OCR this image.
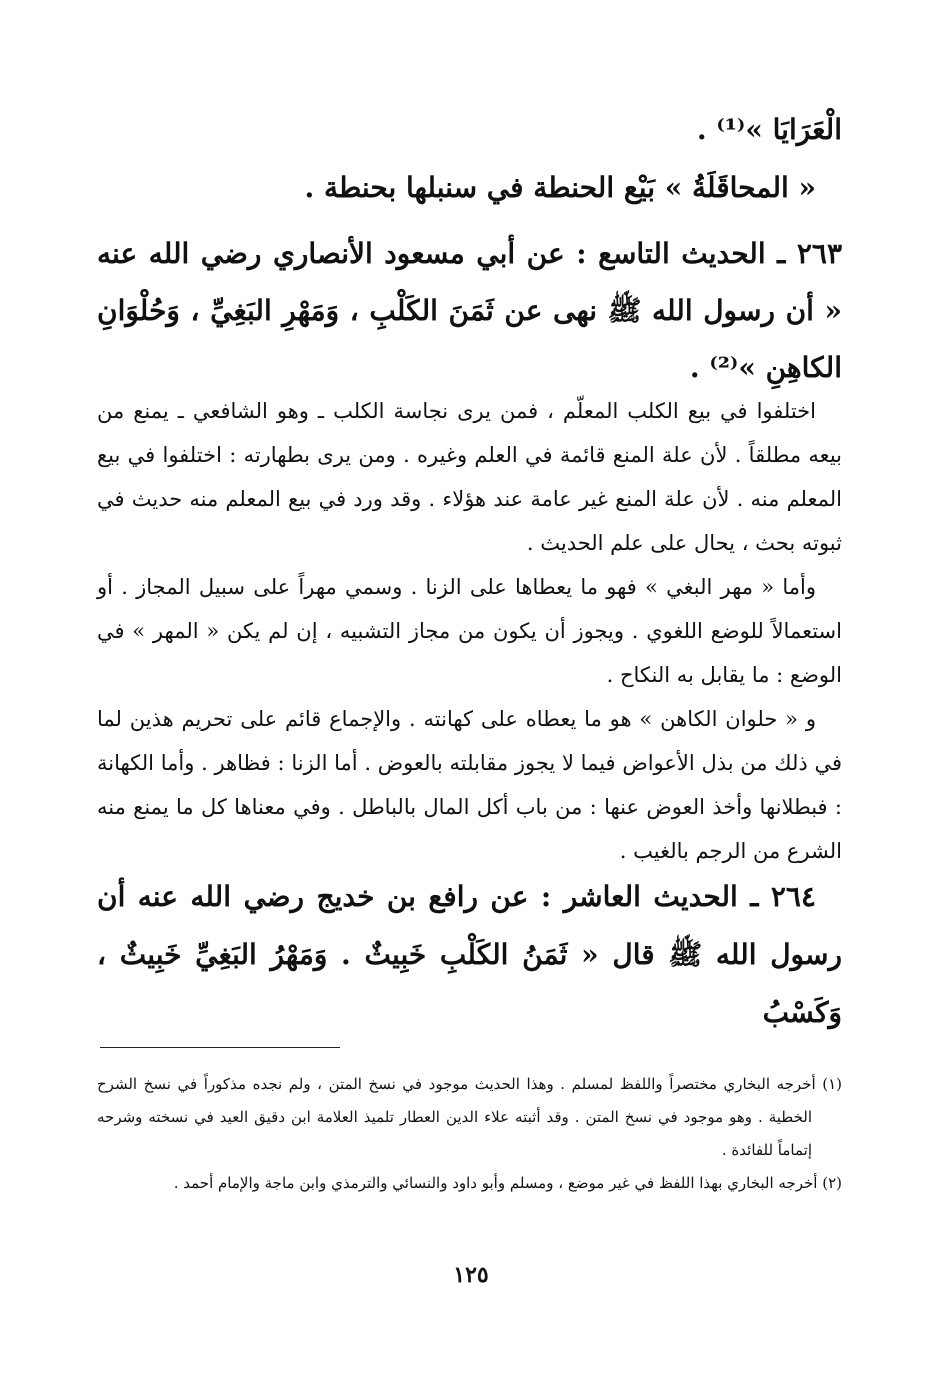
الْعَرَايَا »⁽¹⁾ .

« المحاقَلَةُ » بَيْع الحنطة في سنبلها بحنطة .

٢٦٣ ـ الحديث التاسع : عن أبي مسعود الأنصاري رضي الله عنه « أن رسول الله ﷺ نهى عن ثَمَنَ الكَلْبِ ، وَمَهْرِ البَغِيِّ ، وَحُلْوَانِ الكاهِنِ »⁽²⁾ .

اختلفوا في بيع الكلب المعلّم ، فمن يرى نجاسة الكلب ـ وهو الشافعي ـ يمنع من بيعه مطلقاً . لأن علة المنع قائمة في العلم وغيره . ومن يرى بطهارته : اختلفوا في بيع المعلم منه . لأن علة المنع غير عامة عند هؤلاء . وقد ورد في بيع المعلم منه حديث في ثبوته بحث ، يحال على علم الحديث .

وأما « مهر البغي » فهو ما يعطاها على الزنا . وسمي مهراً على سبيل المجاز . أو استعمالاً للوضع اللغوي . ويجوز أن يكون من مجاز التشبيه ، إن لم يكن « المهر » في الوضع : ما يقابل به النكاح .

و « حلوان الكاهن » هو ما يعطاه على كهانته . والإجماع قائم على تحريم هذين لما في ذلك من بذل الأعواض فيما لا يجوز مقابلته بالعوض . أما الزنا : فظاهر . وأما الكهانة : فبطلانها وأخذ العوض عنها : من باب أكل المال بالباطل . وفي معناها كل ما يمنع منه الشرع من الرجم بالغيب .

٢٦٤ ـ الحديث العاشر : عن رافع بن خديج رضي الله عنه أن رسول الله ﷺ قال « ثَمَنُ الكَلْبِ خَبِيثٌ . وَمَهْرُ البَغِيِّ خَبِيثٌ ، وَكَسْبُ

(١) أخرجه البخاري مختصراً واللفظ لمسلم . وهذا الحديث موجود في نسخ المتن ، ولم نجده مذكوراً في نسخ الشرح الخطية . وهو موجود في نسخ المتن . وقد أثبته علاء الدين العطار تلميذ العلامة ابن دقيق العيد في نسخته وشرحه إتماماً للفائدة .

(٢) أخرجه البخاري بهذا اللفظ في غير موضع ، ومسلم وأبو داود والنسائي والترمذي وابن ماجة والإمام أحمد .

١٢٥
